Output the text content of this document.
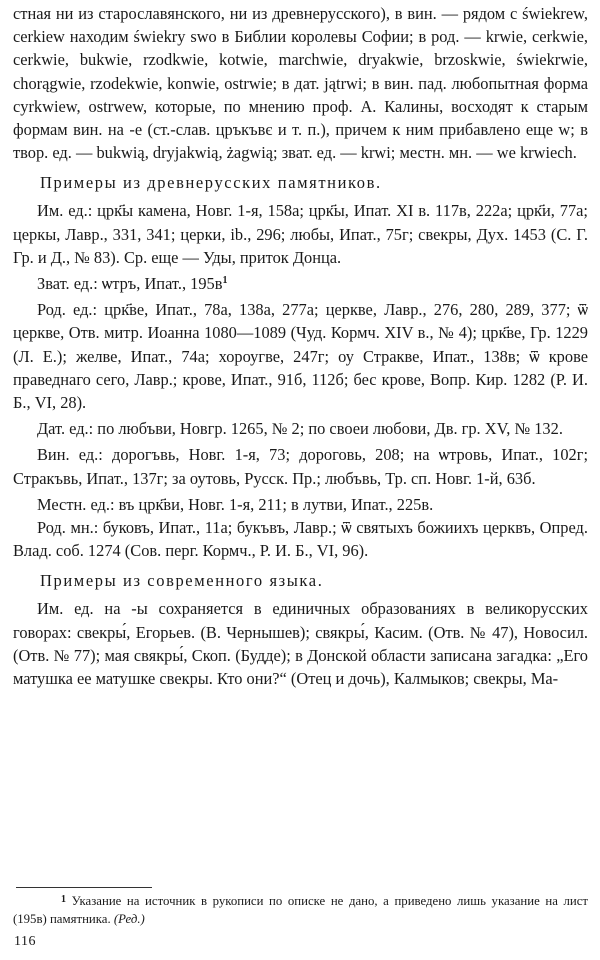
стная ни из старославянского, ни из древнерусского), в вин. — рядом с świekrew, cerkiew находим świekry swo в Библии королевы Софии; в род. — krwie, cerkwie, cerkwie, bukwie, rzodkwie, kotwie, marchwie, dryakwie, brzoskwie, świekrwie, chorągwie, rzodekwie, konwie, ostrwie; в дат. jątrwi; в вин. пад. любопытная форма cyrkwiew, ostrwew, которые, по мнению проф. А. Калины, восходят к старым формам вин. на -е (ст.-слав. цръкъвє и т. п.), причем к ним прибавлено еще w; в твор. ед. — bukwią, dryjakwią, żagwią; зват. ед. — krwi; местн. мн. — we krwiech.

Примеры из древнерусских памятников.

Им. ед.: црк҃ы камена, Новг. 1-я, 158а; црк҃ы, Ипат. XI в. 117в, 222а; црк҃и, 77а; церкы, Лавр., 331, 341; церки, ib., 296; любы, Ипат., 75г; свекры, Дух. 1453 (С. Г. Гр. и Д., № 83). Ср. еще — Уды, приток Донца.

Зват. ед.: ѡтръ, Ипат., 195в$^1$

Род. ед.: црк҃ве, Ипат., 78а, 138а, 277а; церкве, Лавр., 276, 280, 289, 377; ѿ церкве, Отв. митр. Иоанна 1080—1089 (Чуд. Кормч. XIV в., № 4); црк҃ве, Гр. 1229 (Л. Е.); желве, Ипат., 74а; хороугве, 247г; оу Стракве, Ипат., 138в; ѿ крове праведнаго сего, Лавр.; крове, Ипат., 91б, 112б; бес крове, Вопр. Кир. 1282 (Р. И. Б., VI, 28).

Дат. ед.: по любъви, Новгр. 1265, № 2; по своеи любови, Дв. гр. XV, № 132.

Вин. ед.: дорогъвь, Новг. 1-я, 73; дороговь, 208; на ѡтровь, Ипат., 102г; Стракъвь, Ипат., 137г; за оутовь, Русск. Пр.; любъвь, Тр. сп. Новг. 1-й, 63б.

Местн. ед.: въ црк҃ви, Новг. 1-я, 211; в лутви, Ипат., 225в.

Род. мн.: буковъ, Ипат., 11а; букъвъ, Лавр.; ѿ святыхъ божиихъ церквъ, Опред. Влад. соб. 1274 (Сов. перг. Кормч., Р. И. Б., VI, 96).

Примеры из современного языка.

Им. ед. на -ы сохраняется в единичных образованиях в великорусских говорах: свекры́, Егорьев. (В. Чернышев); свякры́, Касим. (Отв. № 47), Новосил. (Отв. № 77); мая свякры́, Скоп. (Будде); в Донской области записана загадка: „Его матушка ее матушке свекры. Кто они?“ (Отец и дочь), Калмыков; свекры, Ма-

$^1$ Указание на источник в рукописи по описке не дано, а приведено лишь указание на лист (195в) памятника. (Ред.)

116
